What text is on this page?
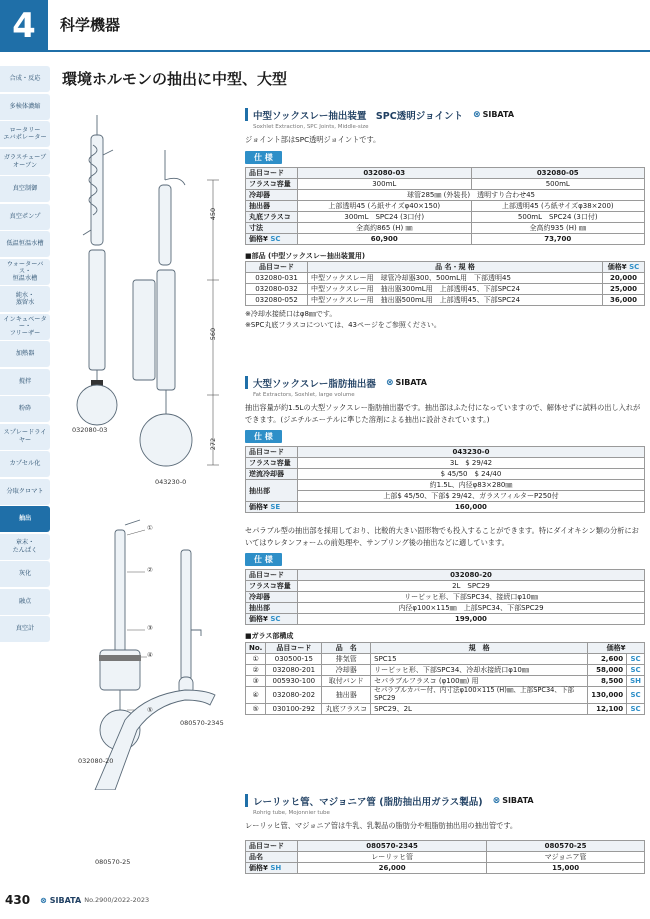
4	科学機器
合成・反応
多検体濃縮
ロータリー
エバポレーター
ガラスチューブ
オーブン
真空制御
真空ポンプ
低温恒温水槽
ウォーターバス・
恒温水槽
純水・
蒸留水
インキュベーター・
フリーザー
加熱器
撹拌
粉砕
スプレードライヤー
カプセル化
分取クロマト
抽出
章末・
たんぱく
灰化
融点
真空計
環境ホルモンの抽出に中型、大型
032080-03
043230-0
032080-20
080570-2345
080570-25
450
560
272
①
②
③
④
⑤
中型ソックスレー抽出装置　SPC透明ジョイント ⊗ SIBATA
Soxhlet Extraction, SPC Joints, Middle-size
ジョイント部はSPC透明ジョイントです。
仕 様
品目コード	032080-03	032080-05
フラスコ容量	300mL	500mL
冷却器	球管285㎜ (外装長)　透明すり合わせ45	
抽出器	上部透明45 (ろ紙サイズφ40×150)	上部透明45 (ろ紙サイズφ38×200)
丸底フラスコ	300mL　SPC24 (3口付)	500mL　SPC24 (3口付)
寸法	全高約865 (H) ㎜	全高約935 (H) ㎜
価格¥ SC	60,900	73,700
■部品 (中型ソックスレー抽出装置用)
品目コード	品 名・規 格	価格¥ SC
032080-031	中型ソックスレー用　球管冷却器300、500mL用　下部透明45	20,000
032080-032	中型ソックスレー用　抽出器300mL用　上部透明45、下部SPC24	25,000
032080-052	中型ソックスレー用　抽出器500mL用　上部透明45、下部SPC24	36,000
※冷却水接続口はφ8㎜です。
※SPC丸底フラスコについては、43ページをご参照ください。
大型ソックスレー脂肪抽出器 ⊗ SIBATA
Fat Extractors, Soxhlet, large volume
抽出容量が約1.5Lの大型ソックスレー脂肪抽出器です。抽出部はふた付になっていますので、解体せずに試料の出し入れができます。(ジエチルエーテルに準じた溶剤による抽出に設計されています。)
仕 様
品目コード	043230-0
フラスコ容量	3L　$ 29/42
逆流冷却器	$ 45/50　$ 24/40
抽出部	約1.5L、内径φ83×280㎜
	上部$ 45/50、下部$ 29/42、ガラスフィルターP250付
価格¥ SE	160,000
セパラブル型の抽出部を採用しており、比較的大きい固形物でも投入することができます。特にダイオキシン類の分析においてはウレタンフォームの前処理や、サンプリング後の抽出などに適しています。
仕 様
品目コード	032080-20
フラスコ容量	2L　SPC29
冷却器	リービッヒ形、下部SPC34、接続口φ10㎜
抽出部	内径φ100×115㎜　上部SPC34、下部SPC29
価格¥ SC	199,000
■ガラス部構成
No.	品目コード	品　名	規　格	価格¥	
①	030500-15	排気管	SPC15	2,600	SC
②	032080-201	冷却器	リービッヒ形、下部SPC34、冷却水接続口φ10㎜	58,000	SC
③	005930-100	取付バンド	セパラブルフラスコ (φ100㎜) 用	8,500	SH
④	032080-202	抽出器	セパラブルカバー付、内寸法φ100×115 (H)㎜、上部SPC34、下部SPC29	130,000	SC
⑤	030100-292	丸底フラスコ	SPC29、2L	12,100	SC
レーリッヒ管、マジョニア管 (脂肪抽出用ガラス製品) ⊗ SIBATA
Rohrig tube, Mojonnier tube
レーリッヒ管、マジョニア管は牛乳、乳製品の脂肪分や粗脂肪抽出用の抽出管です。
品目コード	080570-2345	080570-25
品名	レーリッヒ管	マジョニア管
価格¥ SH	26,000	15,000
430 ⊗ SIBATA No.2900/2022-2023
